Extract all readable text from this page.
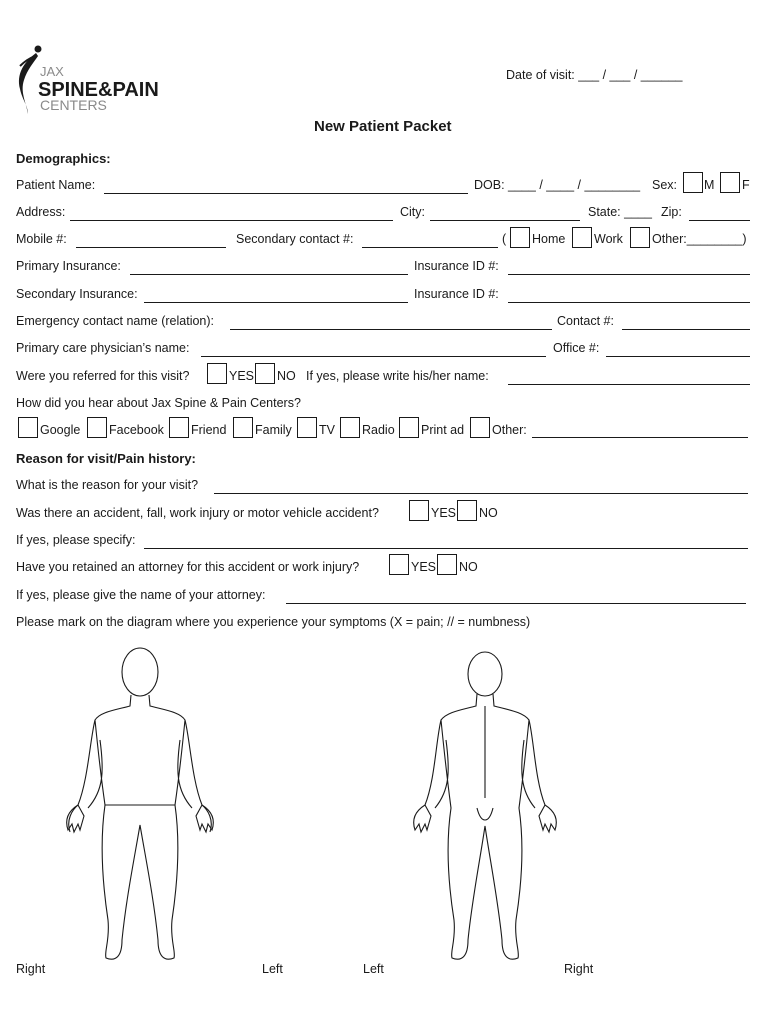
JAX
SPINE&PAIN
CENTERS
Date of visit: ___ / ___ / ______
New Patient Packet
Demographics:
Patient Name:	DOB: ____ / ____ / ________ Sex: M F
Address:	City:	State: ____ Zip:
Mobile #:	Secondary contact #:	( Home Work Other:________)
Primary Insurance:	Insurance ID #:
Secondary Insurance:	Insurance ID #:
Emergency contact name (relation):	Contact #:
Primary care physician’s name:	Office #:
Were you referred for this visit?	YES NO If yes, please write his/her name:
How did you hear about Jax Spine & Pain Centers?
Google Facebook Friend Family TV Radio Print ad Other:
Reason for visit/Pain history:
What is the reason for your visit?
Was there an accident, fall, work injury or motor vehicle accident?	YES NO
If yes, please specify:
Have you retained an attorney for this accident or work injury?	YES NO
If yes, please give the name of your attorney:
Please mark on the diagram where you experience your symptoms (X = pain; // = numbness)
Right	Left	Left	Right
